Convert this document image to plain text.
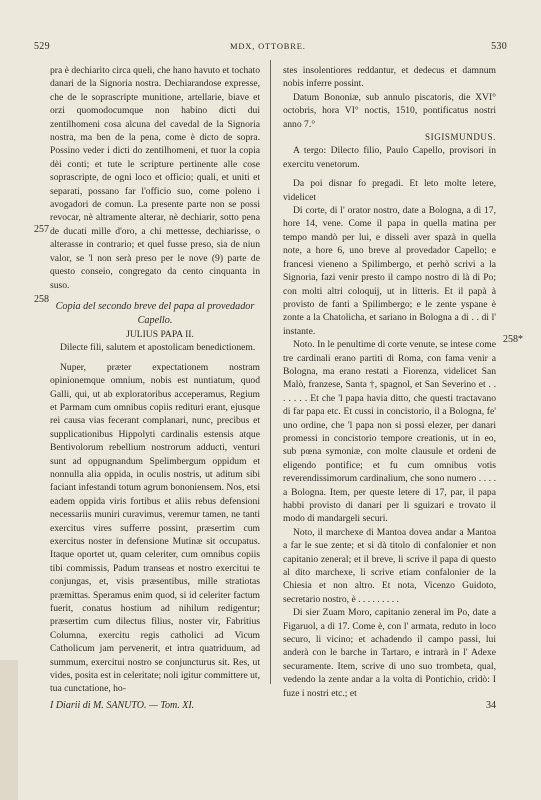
529	MDX, OTTOBRE.	530
257
258
258*

pra è dechiarito circa queli, che hano havuto et tochato danari de la Signoria nostra. Dechiarandose expresse, che de le soprascripte munitione, artellarie, biave et orzi quomodocumque non habino dicti dui zentilhomeni cosa alcuna del cavedal de la Signoria nostra, ma ben de la pena, come è dicto de sopra. Possino veder i dicti do zentilhomeni, et tuor la copia dèi conti; et tute le scripture pertinente alle cose soprascripte, de ogni loco et officio; quali, et uniti et separati, possano far l'officio suo, come poleno i avogadori de comun. La presente parte non se possi revocar, nè altramente alterar, nè dechiarir, sotto pena de ducati mille d'oro, a chi mettesse, dechiarisse, o alterasse in contrario; et quel fusse preso, sia de niun valor, se 'l non serà preso per le nove (9) parte de questo conseio, congregato da cento cinquanta in suso.

Copia del secondo breve del papa al provedador Capello.

JULIUS PAPA II.

Dilecte fili, salutem et apostolicam benedictionem.

Nuper, præter expectationem nostram opinionemque omnium, nobis est nuntiatum, quod Galli, qui, ut ab exploratoribus acceperamus, Regium et Parmam cum omnibus copiis redituri erant, ejusque rei causa vias fecerant complanari, nunc, precibus et supplicationibus Hippolyti cardinalis estensis atque Bentivolorum rebellium nostrorum adducti, venturi sunt ad oppugnandum Spelimbergum oppidum et nonnulla alia oppida, in oculis nostris, ut aditum sibi faciant infestandi totum agrum bononiensem. Nos, etsi eadem oppida viris fortibus et aliis rebus defensioni necessariis muniri curavimus, veremur tamen, ne tanti exercitus vires sufferre possint, præsertim cum exercitus noster in defensione Mutinæ sit occupatus. Itaque oportet ut, quam celeriter, cum omnibus copiis tibi commissis, Padum transeas et nostro exercitui te conjungas, et, visis præsentibus, mille stratiotas præmittas. Speramus enim quod, si id celeriter factum fuerit, conatus hostium ad nihilum redigentur; præsertim cum dilectus filius, noster vir, Fabritius Columna, exercitu regis catholici ad Vicum Catholicum jam pervenerit, et intra quatriduum, ad summum, exercitui nostro se conjuncturus sit. Res, ut vides, posita est in celeritate; noli igitur committere ut, tua cunctatione, ho-

stes insolentiores reddantur, et dedecus et damnum nobis inferre possint.

Datum Bononiæ, sub annulo piscatoris, die XVI° octobris, hora VI° noctis, 1510, pontificatus nostri anno 7.°

SIGISMUNDUS.

A tergo: Dilecto filio, Paulo Capello, provisori in exercitu venetorum.

Da poi disnar fo pregadi. Et leto molte letere, videlicet

Di corte, di l' orator nostro, date a Bologna, a dì 17, hore 14, vene. Come il papa in quella matina per tempo mandò per lui, e disseli aver spazà in quella note, a hore 6, uno breve al provedador Capello; e francesi vieneno a Spilimbergo, et perhò scrivi a la Signoria, fazi venir presto il campo nostro di là di Po; con molti altri coloquij, ut in litteris. Et il papà à provisto de fanti a Spilimbergo; e le zente yspane è zonte a la Chatolicha, et sariano in Bologna a di . . di l' instante.

Noto. In le penultime di corte venute, se intese come tre cardinali erano partiti di Roma, con fama venir a Bologna, ma erano restati a Fiorenza, videlicet San Malò, franzese, Santa †, spagnol, et San Severino et . . . . . . . Et che 'l papa havia ditto, che questi tractavano di far papa etc. Et cussi in concistorio, il a Bologna, fe' uno ordine, che 'l papa non si possi elezer, per danari promessi in concistorio tempore creationis, ut in eo, sub pœna symoniæ, con molte clausule et ordeni de eligendo pontifice; et fu cum omnibus votis reverendissimorum cardinalium, che sono numero . . . . a Bologna. Item, per queste letere di 17, par, il papa habbi provisto di danari per li sguizari e trovato il modo di mandargeli securi.

Noto, il marchexe di Mantoa dovea andar a Mantoa a far le sue zente; et si dà titolo di confalonier et non capitanio zeneral; et il breve, li scrive il papa di questo al dito marchexe, li scrive etiam confalonier de la Chiesia et non altro. Et nota, Vicenzo Guidoto, secretario nostro, è . . . . . . . . .

Di sier Zuam Moro, capitanio zeneral im Po, date a Figaruol, a dì 17. Come è, con l' armata, reduto in loco securo, li vicino; et achadendo il campo passi, lui anderà con le barche in Tartaro, e intrarà in l' Adexe securamente. Item, scrive di uno suo trombeta, qual, vedendo la zente andar a la volta di Pontichio, cridò: I fuze i nostri etc.; et

I Diarii di M. SANUTO. — Tom. XI.	34
